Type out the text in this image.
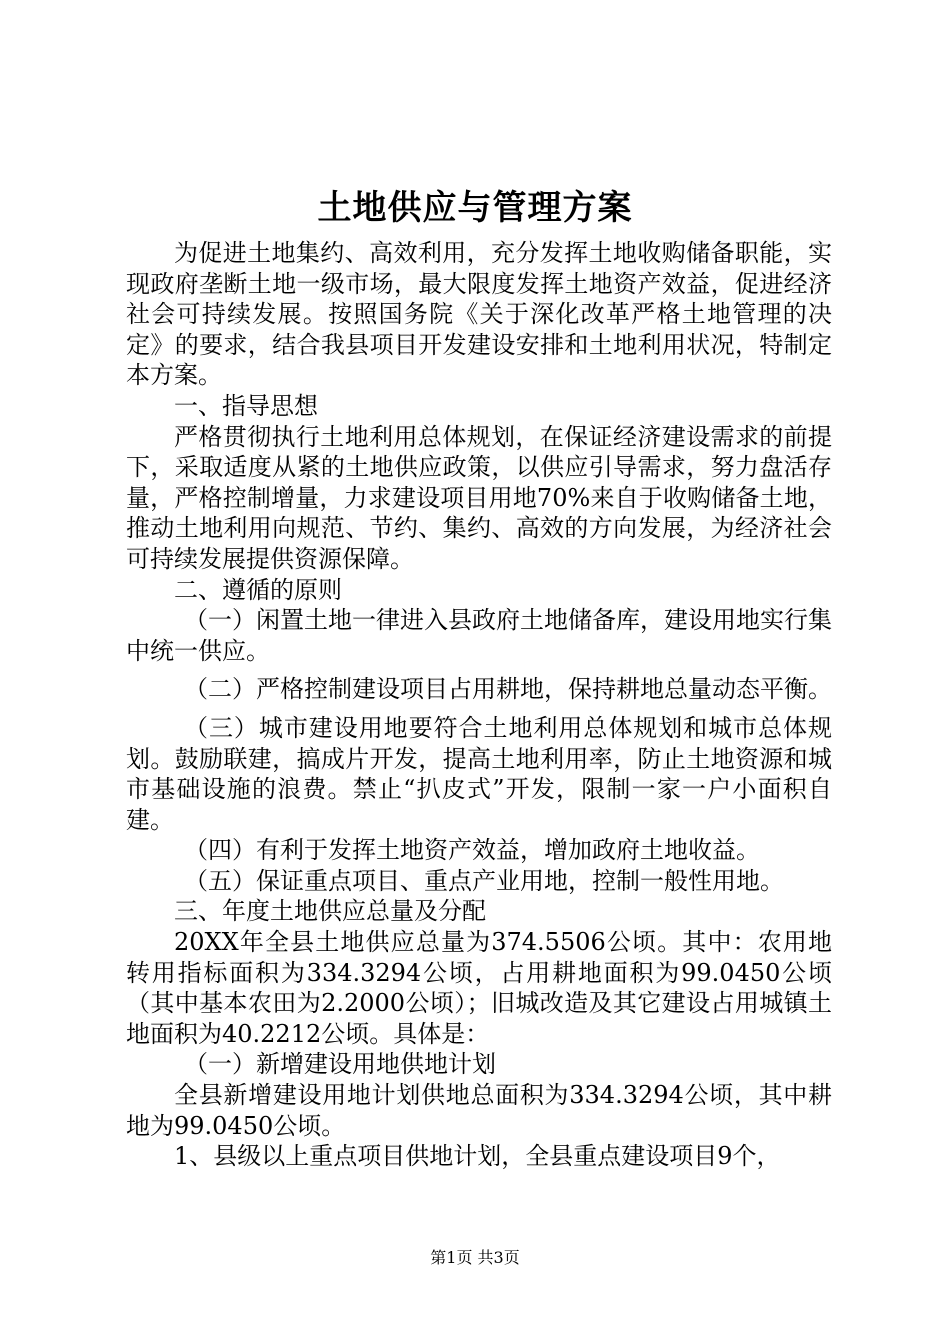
土地供应与管理方案

为促进土地集约、高效利用，充分发挥土地收购储备职能，实现政府垄断土地一级市场，最大限度发挥土地资产效益，促进经济社会可持续发展。按照国务院《关于深化改革严格土地管理的决定》的要求，结合我县项目开发建设安排和土地利用状况，特制定本方案。

一、指导思想

严格贯彻执行土地利用总体规划，在保证经济建设需求的前提下，采取适度从紧的土地供应政策，以供应引导需求，努力盘活存量，严格控制增量，力求建设项目用地70%来自于收购储备土地，推动土地利用向规范、节约、集约、高效的方向发展，为经济社会可持续发展提供资源保障。

二、遵循的原则

（一）闲置土地一律进入县政府土地储备库，建设用地实行集中统一供应。

（二）严格控制建设项目占用耕地，保持耕地总量动态平衡。

（三）城市建设用地要符合土地利用总体规划和城市总体规划。鼓励联建，搞成片开发，提高土地利用率，防止土地资源和城市基础设施的浪费。禁止“扒皮式”开发，限制一家一户小面积自建。

（四）有利于发挥土地资产效益，增加政府土地收益。

（五）保证重点项目、重点产业用地，控制一般性用地。

三、年度土地供应总量及分配

20XX年全县土地供应总量为374.5506公顷。其中：农用地转用指标面积为334.3294公顷，占用耕地面积为99.0450公顷（其中基本农田为2.2000公顷）；旧城改造及其它建设占用城镇土地面积为40.2212公顷。具体是：

（一）新增建设用地供地计划

全县新增建设用地计划供地总面积为334.3294公顷，其中耕地为99.0450公顷。

1、县级以上重点项目供地计划，全县重点建设项目9个，

第1页 共3页
